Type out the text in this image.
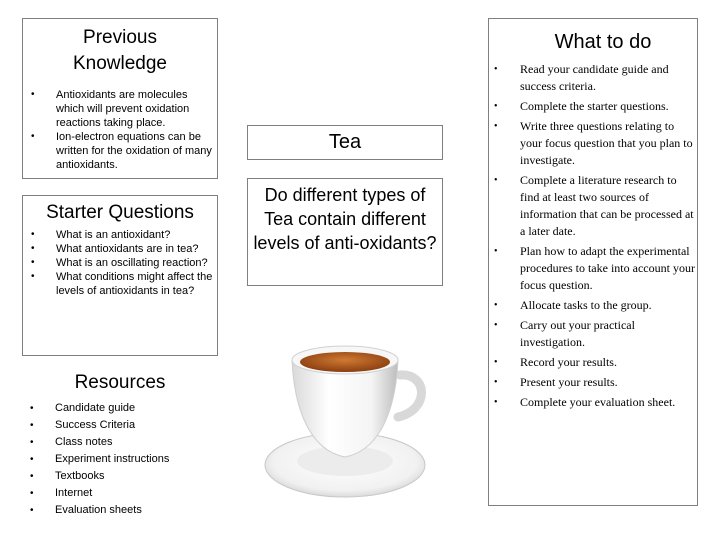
Previous
Knowledge
• Antioxidants are molecules which will prevent oxidation reactions taking place.
• Ion-electron equations can be written for the oxidation of many antioxidants.
Starter Questions
• What is an antioxidant?
• What antioxidants are in tea?
• What is an oscillating reaction?
• What conditions might affect the levels of antioxidants in tea?
Resources
• Candidate guide
• Success Criteria
• Class notes
• Experiment instructions
• Textbooks
• Internet
• Evaluation sheets
Tea
Do different types of Tea contain different levels of anti-oxidants?
What to do
• Read your candidate guide and success criteria.
• Complete the starter questions.
• Write three questions relating to your focus question that you plan to investigate.
• Complete a literature research to find at least two sources of information that can be processed at a later date.
• Plan how to adapt the experimental procedures to take into account your focus question.
• Allocate tasks to the group.
• Carry out your practical investigation.
• Record your results.
• Present your results.
• Complete your evaluation sheet.
